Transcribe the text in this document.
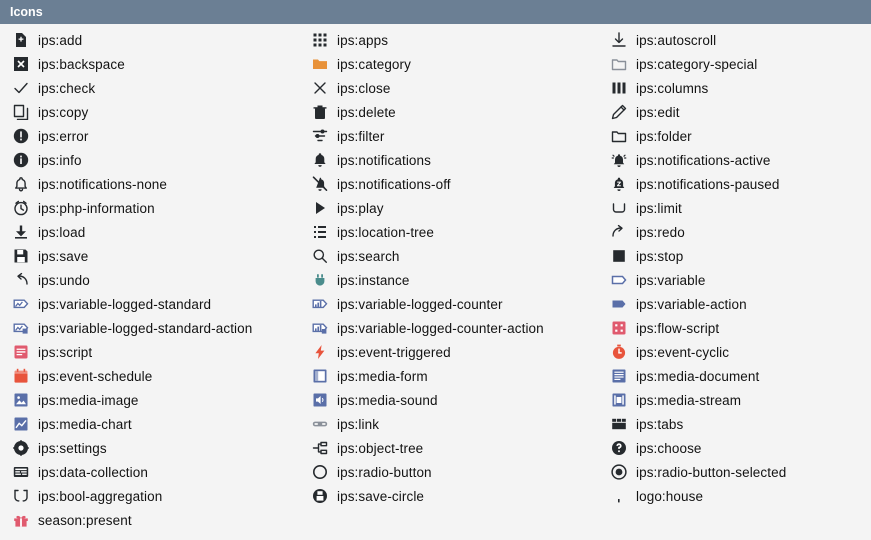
Icons
ips:add	ips:apps	ips:autoscroll
ips:backspace	ips:category	ips:category-special
ips:check	ips:close	ips:columns
ips:copy	ips:delete	ips:edit
ips:error	ips:filter	ips:folder
ips:info	ips:notifications	ips:notifications-active
ips:notifications-none	ips:notifications-off	ips:notifications-paused
ips:php-information	ips:play	ips:limit
ips:load	ips:location-tree	ips:redo
ips:save	ips:search	ips:stop
ips:undo	ips:instance	ips:variable
ips:variable-logged-standard	ips:variable-logged-counter	ips:variable-action
ips:variable-logged-standard-action	ips:variable-logged-counter-action	ips:flow-script
ips:script	ips:event-triggered	ips:event-cyclic
ips:event-schedule	ips:media-form	ips:media-document
ips:media-image	ips:media-sound	ips:media-stream
ips:media-chart	ips:link	ips:tabs
ips:settings	ips:object-tree	ips:choose
ips:data-collection	ips:radio-button	ips:radio-button-selected
ips:bool-aggregation	ips:save-circle	logo:house
season:present
